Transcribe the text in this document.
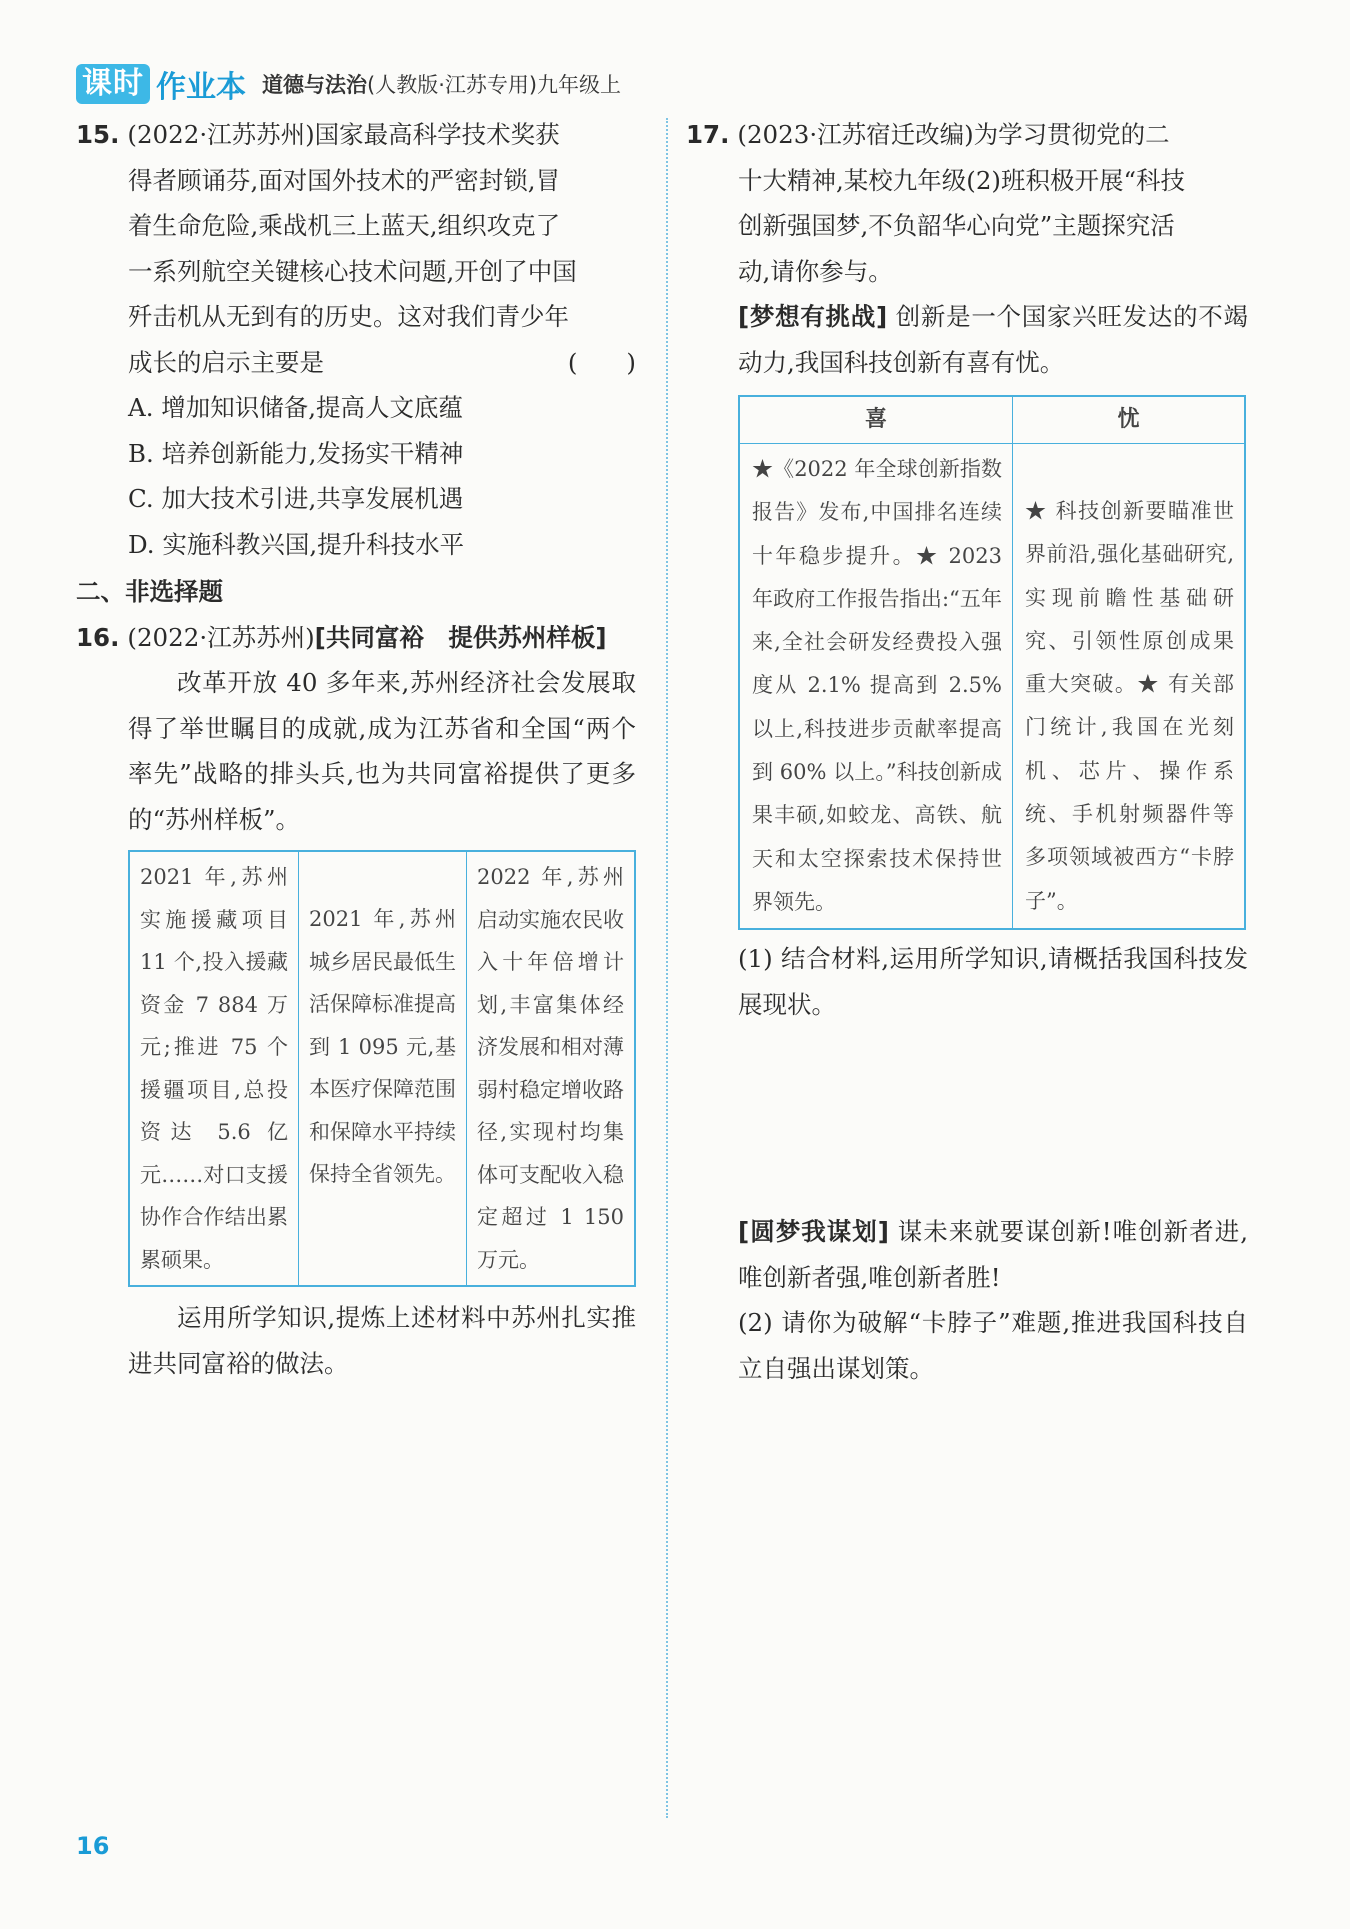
课时 作业本 道德与法治(人教版·江苏专用)九年级上
15. (2022·江苏苏州)国家最高科学技术奖获
得者顾诵芬,面对国外技术的严密封锁,冒
着生命危险,乘战机三上蓝天,组织攻克了
一系列航空关键核心技术问题,开创了中国
歼击机从无到有的历史。这对我们青少年
成长的启示主要是	(　　)
A. 增加知识储备,提高人文底蕴
B. 培养创新能力,发扬实干精神
C. 加大技术引进,共享发展机遇
D. 实施科教兴国,提升科技水平
二、非选择题
16. (2022·江苏苏州)[共同富裕　提供苏州样板]
改革开放 40 多年来,苏州经济社会发展取得了举世瞩目的成就,成为江苏省和全国“两个率先”战略的排头兵,也为共同富裕提供了更多的“苏州样板”。
2021 年,苏州实施援藏项目 11 个,投入援藏资金 7 884 万元;推进 75 个援疆项目,总投资达 5.6 亿元……对口支援协作合作结出累累硕果。
2021 年,苏州城乡居民最低生活保障标准提高到 1 095 元,基本医疗保障范围和保障水平持续保持全省领先。
2022 年,苏州启动实施农民收入十年倍增计划,丰富集体经济发展和相对薄弱村稳定增收路径,实现村均集体可支配收入稳定超过 1 150 万元。
运用所学知识,提炼上述材料中苏州扎实推进共同富裕的做法。
17. (2023·江苏宿迁改编)为学习贯彻党的二
十大精神,某校九年级(2)班积极开展“科技
创新强国梦,不负韶华心向党”主题探究活
动,请你参与。
[梦想有挑战] 创新是一个国家兴旺发达的不竭动力,我国科技创新有喜有忧。
喜	忧
★《2022 年全球创新指数报告》发布,中国排名连续十年稳步提升。★ 2023 年政府工作报告指出:“五年来,全社会研发经费投入强度从 2.1% 提高到 2.5% 以上,科技进步贡献率提高到 60% 以上。”科技创新成果丰硕,如蛟龙、高铁、航天和太空探索技术保持世界领先。
★ 科技创新要瞄准世界前沿,强化基础研究,实现前瞻性基础研究、引领性原创成果重大突破。★ 有关部门统计,我国在光刻机、芯片、操作系统、手机射频器件等多项领域被西方“卡脖子”。
(1) 结合材料,运用所学知识,请概括我国科技发展现状。
[圆梦我谋划] 谋未来就要谋创新!唯创新者进,唯创新者强,唯创新者胜!
(2) 请你为破解“卡脖子”难题,推进我国科技自立自强出谋划策。
16
